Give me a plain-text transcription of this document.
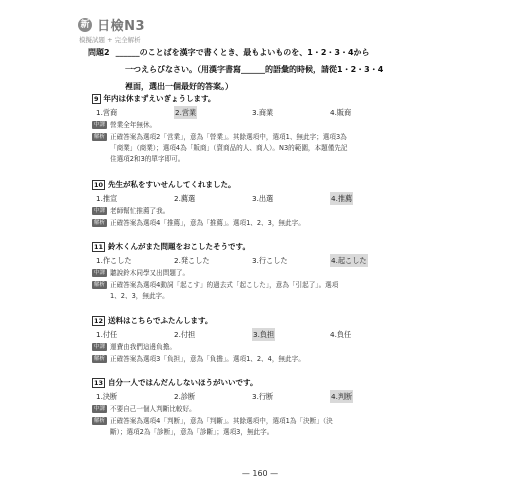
新 日檢N3
模擬試題 + 完全解析
問題2 ______のことばを漢字で書くとき、最もよいものを、1・2・3・4から
一つえらびなさい。（用漢字書寫______的語彙的時候，請從1・2・3・4
裡面，選出一個最好的答案。）
9 年内は休まずえいぎょうします。
1.営商	2.営業	3.商業	4.販商
中譯 營業全年無休。
解析 正確答案為選項2「営業」，意為「營業」。其餘選項中，選項1、無此字；選項3為
「商業」（商業）；選項4為「販商」（賣商品的人、商人）。N3的範圍，本題僅先記
住選項2和3的單字即可。
10 先生が私をすいせんしてくれました。
1.推宣	2.薦選	3.出選	4.推薦
中譯 老師幫忙推薦了我。
解析 正確答案為選項4「推薦」，意為「推薦」。選項1、2、3，無此字。
11 鈴木くんがまた問題をおこしたそうです。
1.作こした	2.発こした	3.行こした	4.起こした
中譯 聽說鈴木同學又出問題了。
解析 正確答案為選項4動詞「起こす」的過去式「起こした」，意為「引起了」。選項
1、2、3，無此字。
12 送料はこちらでふたんします。
1.付任	2.付担	3.負担	4.負任
中譯 運費由我們這邊負擔。
解析 正確答案為選項3「負担」，意為「負擔」。選項1、2、4，無此字。
13 自分一人ではんだんしないほうがいいです。
1.決断	2.診断	3.行断	4.判断
中譯 不要自己一個人判斷比較好。
解析 正確答案為選項4「判断」，意為「判斷」。其餘選項中，選項1為「決断」（決
斷）；選項2為「診断」，意為「診斷」；選項3，無此字。
— 160 —
